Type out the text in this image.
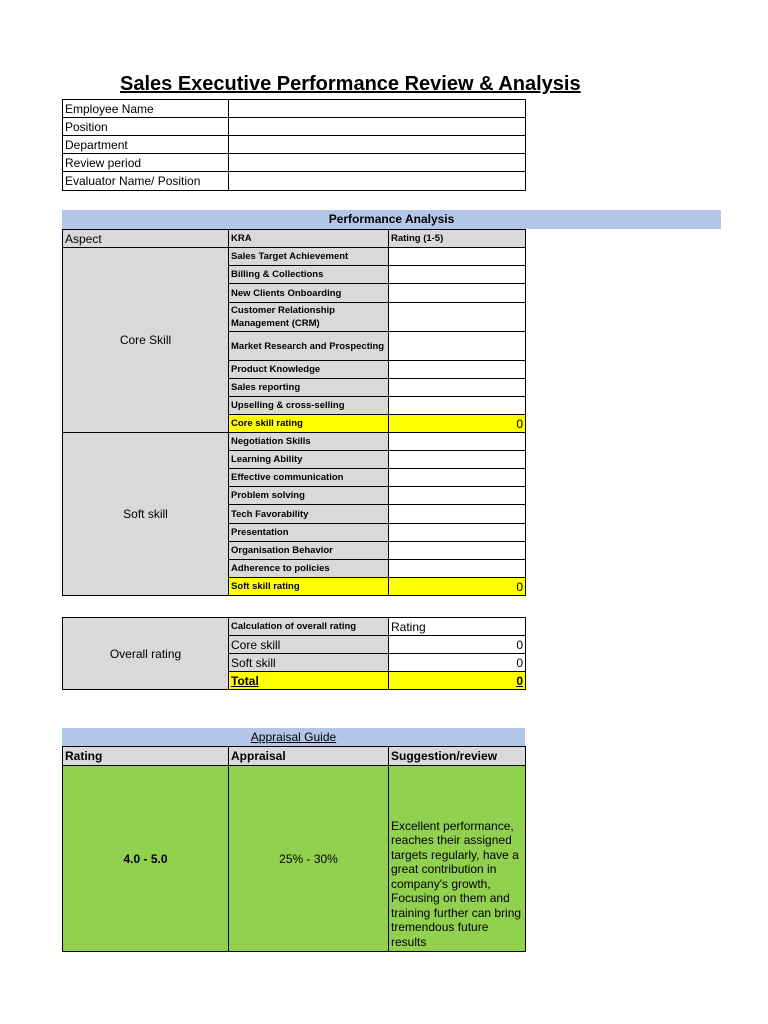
Sales Executive Performance Review & Analysis
Employee Name	
Position	
Department	
Review period	
Evaluator Name/ Position	
Performance Analysis
Aspect	KRA	Rating (1-5)
Core Skill	Sales Target Achievement	
	Billing & Collections	
	New Clients Onboarding	
	Customer Relationship Management (CRM)	
	Market Research and Prospecting	
	Product Knowledge	
	Sales reporting	
	Upselling & cross-selling	
	Core skill rating	0
Soft skill	Negotiation Skills	
	Learning Ability	
	Effective communication	
	Problem solving	
	Tech Favorability	
	Presentation	
	Organisation Behavior	
	Adherence to policies	
	Soft skill rating	0
Overall rating	Calculation of overall rating	Rating
	Core skill	0
	Soft skill	0
	Total	0
Appraisal Guide
Rating	Appraisal	Suggestion/review
4.0 - 5.0	25% - 30%	Excellent performance, reaches their assigned targets regularly, have a great contribution in company's growth, Focusing on them and training further can bring tremendous future results
